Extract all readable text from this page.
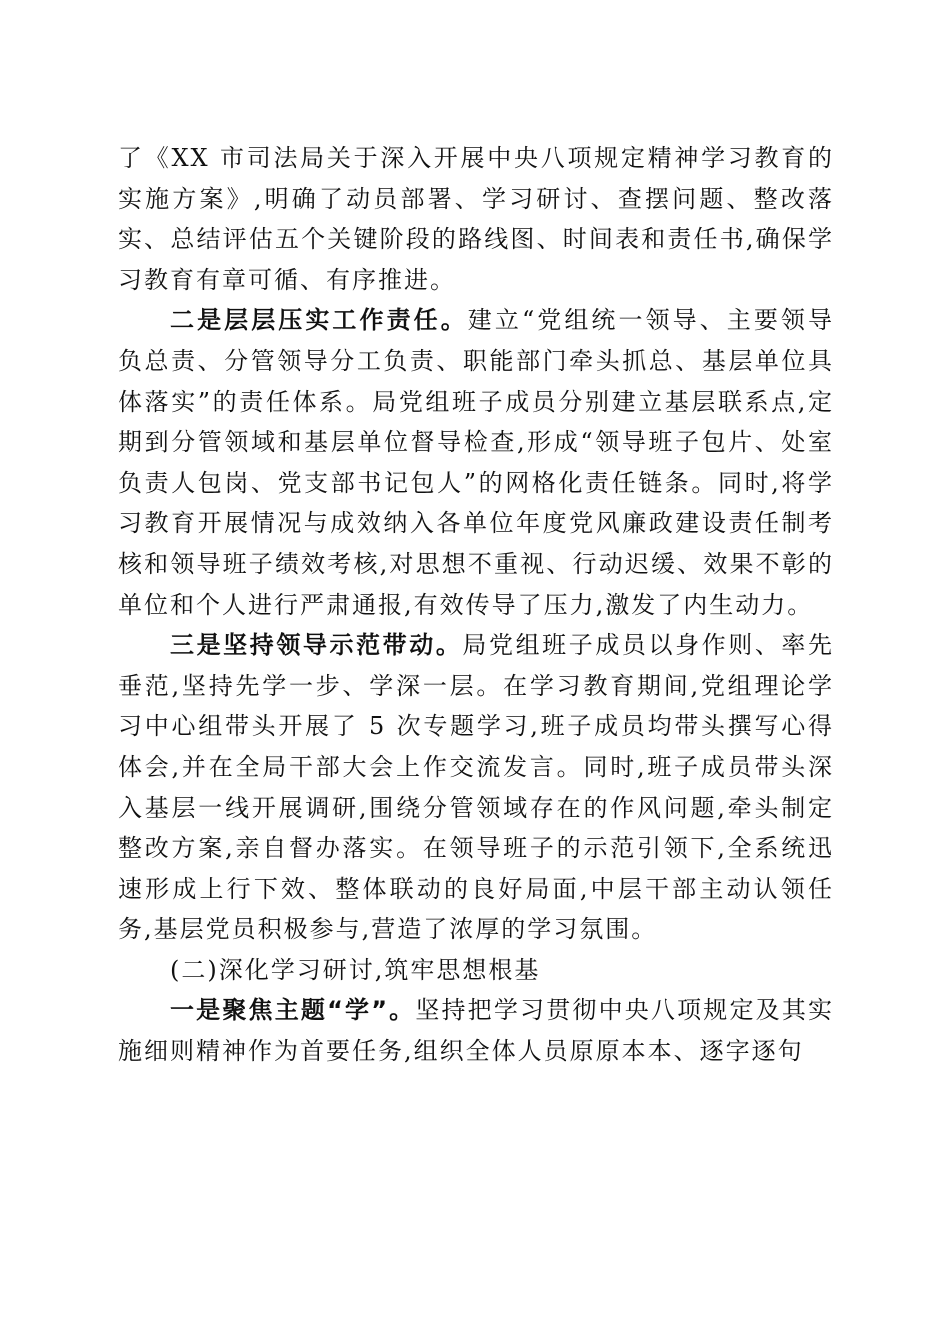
了《XX 市司法局关于深入开展中央八项规定精神学习教育的实施方案》,明确了动员部署、学习研讨、查摆问题、整改落实、总结评估五个关键阶段的路线图、时间表和责任书,确保学习教育有章可循、有序推进。

二是层层压实工作责任。建立“党组统一领导、主要领导负总责、分管领导分工负责、职能部门牵头抓总、基层单位具体落实”的责任体系。局党组班子成员分别建立基层联系点,定期到分管领域和基层单位督导检查,形成“领导班子包片、处室负责人包岗、党支部书记包人”的网格化责任链条。同时,将学习教育开展情况与成效纳入各单位年度党风廉政建设责任制考核和领导班子绩效考核,对思想不重视、行动迟缓、效果不彰的单位和个人进行严肃通报,有效传导了压力,激发了内生动力。

三是坚持领导示范带动。局党组班子成员以身作则、率先垂范,坚持先学一步、学深一层。在学习教育期间,党组理论学习中心组带头开展了 5 次专题学习,班子成员均带头撰写心得体会,并在全局干部大会上作交流发言。同时,班子成员带头深入基层一线开展调研,围绕分管领域存在的作风问题,牵头制定整改方案,亲自督办落实。在领导班子的示范引领下,全系统迅速形成上行下效、整体联动的良好局面,中层干部主动认领任务,基层党员积极参与,营造了浓厚的学习氛围。

(二)深化学习研讨,筑牢思想根基

一是聚焦主题“学”。坚持把学习贯彻中央八项规定及其实施细则精神作为首要任务,组织全体人员原原本本、逐字逐句
